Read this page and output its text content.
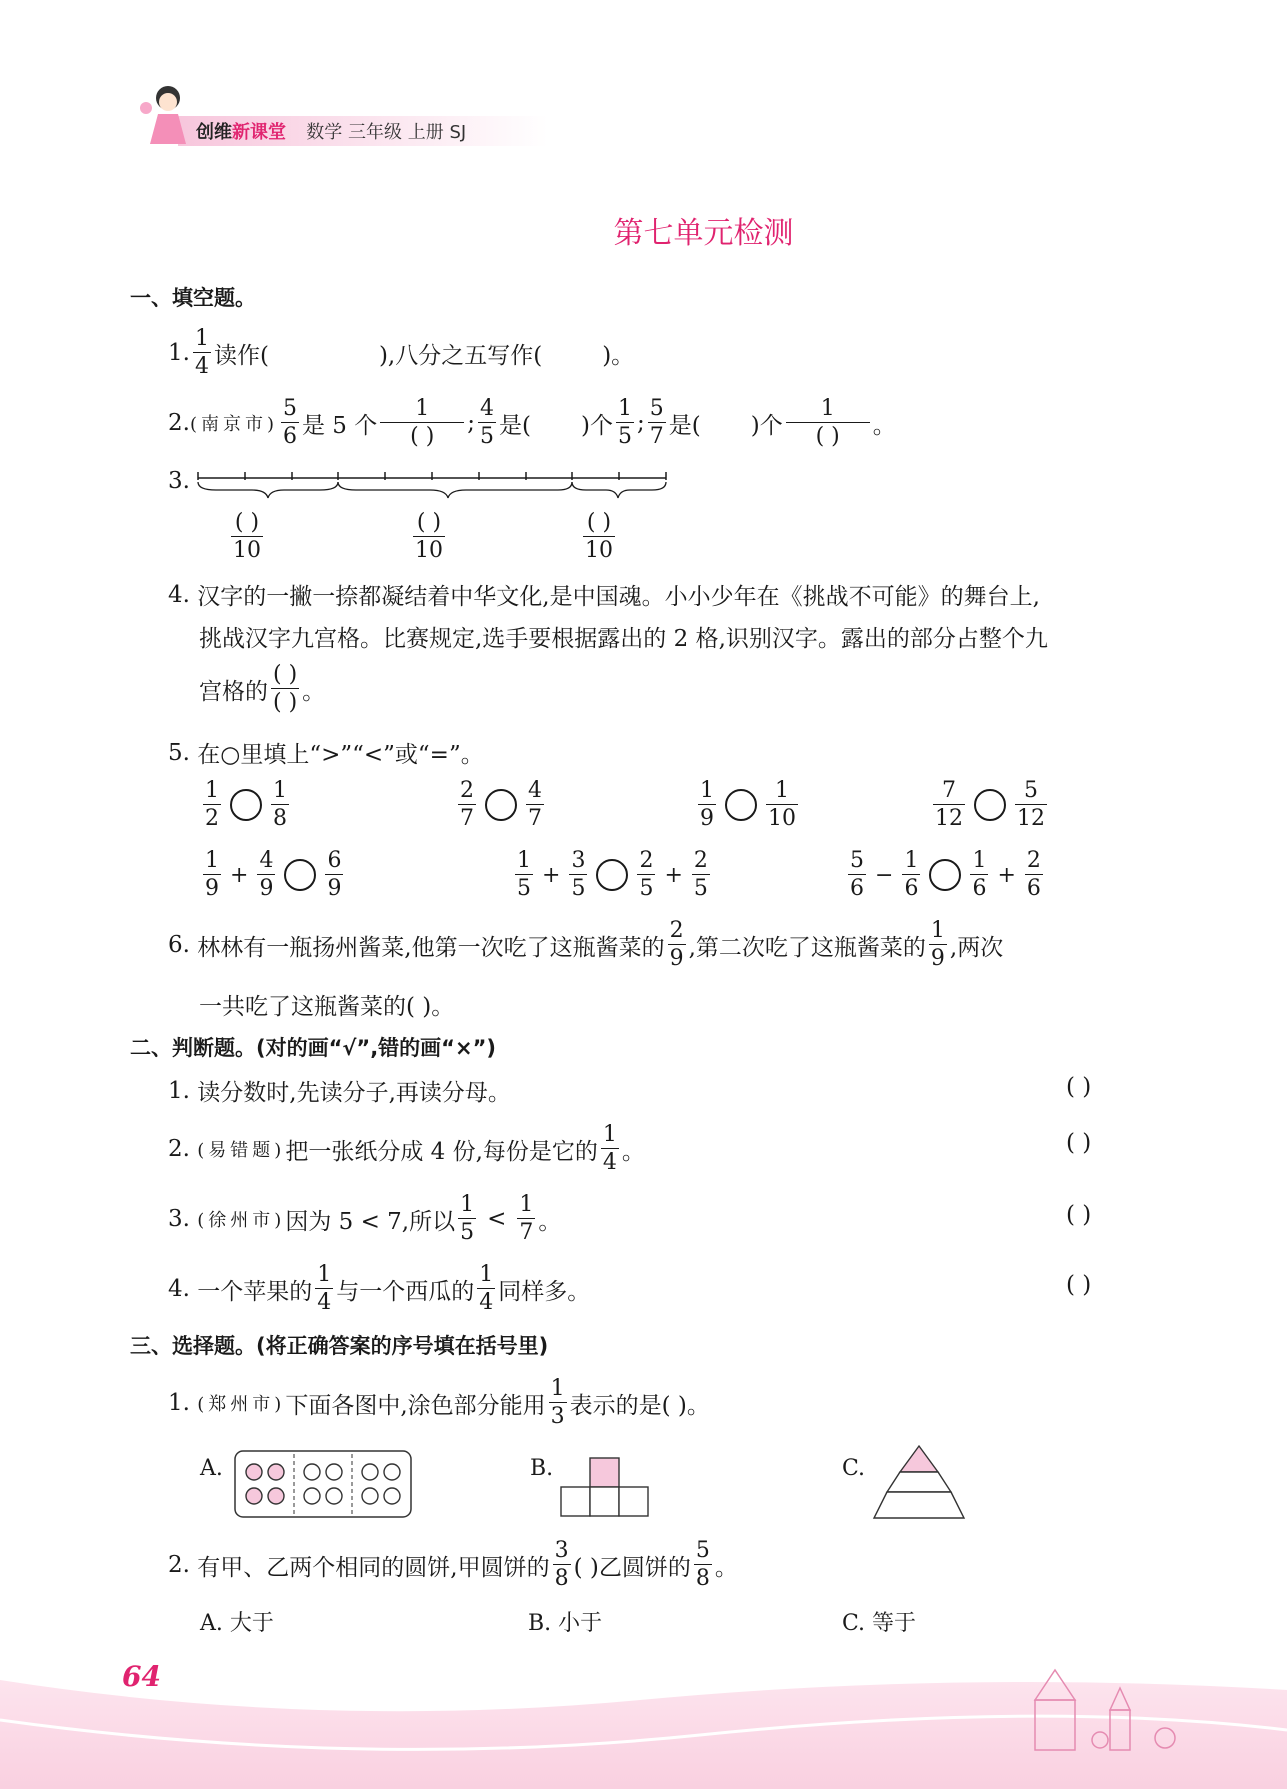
创维新课堂 数学 三年级 上册 SJ
第七单元检测
一、填空题。
1. $\frac{1}{4}$ 读作(	),八分之五写作(	)。
2. (南京市) $\frac{5}{6}$ 是 5 个 $\frac{1}{( )}$ ; $\frac{4}{5}$ 是( )个 $\frac{1}{5}$ ; $\frac{5}{7}$ 是( )个 $\frac{1}{( )}$ 。
3.
$\frac{( )}{10}$	$\frac{( )}{10}$	$\frac{( )}{10}$
4.
汉字的一撇一捺都凝结着中华文化,是中国魂。小小少年在《挑战不可能》的舞台上,
挑战汉字九宫格。比赛规定,选手要根据露出的 2 格,识别汉字。露出的部分占整个九
宫格的 $\frac{( )}{( )}$ 。
5.
在○里填上“>”“<”或“=”。
$\frac{1}{2} \frac{1}{8}$	$\frac{2}{7} \frac{4}{7}$	$\frac{1}{9} \frac{1}{10}$	$\frac{7}{12} \frac{5}{12}$
$\frac{1}{9} + \frac{4}{9} \frac{6}{9}$	$\frac{1}{5} + \frac{3}{5} \frac{2}{5} + \frac{2}{5}$	$\frac{5}{6} - \frac{1}{6} \frac{1}{6} + \frac{2}{6}$
6.
林林有一瓶扬州酱菜,他第一次吃了这瓶酱菜的 $\frac{2}{9}$ ,第二次吃了这瓶酱菜的 $\frac{1}{9}$ ,两次
一共吃了这瓶酱菜的( )。
二、判断题。(对的画“√”,错的画“×”)
1.
读分数时,先读分子,再读分母。	( )
2.
(易错题) 把一张纸分成 4 份,每份是它的 $\frac{1}{4}$ 。	( )
3.
(徐州市) 因为 5 < 7,所以 $\frac{1}{5} < \frac{1}{7}$ 。	( )
4.
一个苹果的 $\frac{1}{4}$ 与一个西瓜的 $\frac{1}{4}$ 同样多。	( )
三、选择题。(将正确答案的序号填在括号里)
1.
(郑州市) 下面各图中,涂色部分能用 $\frac{1}{3}$ 表示的是( )。
A.	B.	C.
2.
有甲、乙两个相同的圆饼,甲圆饼的 $\frac{3}{8}$ ( )乙圆饼的 $\frac{5}{8}$ 。
A. 大于	B. 小于	C. 等于
64
